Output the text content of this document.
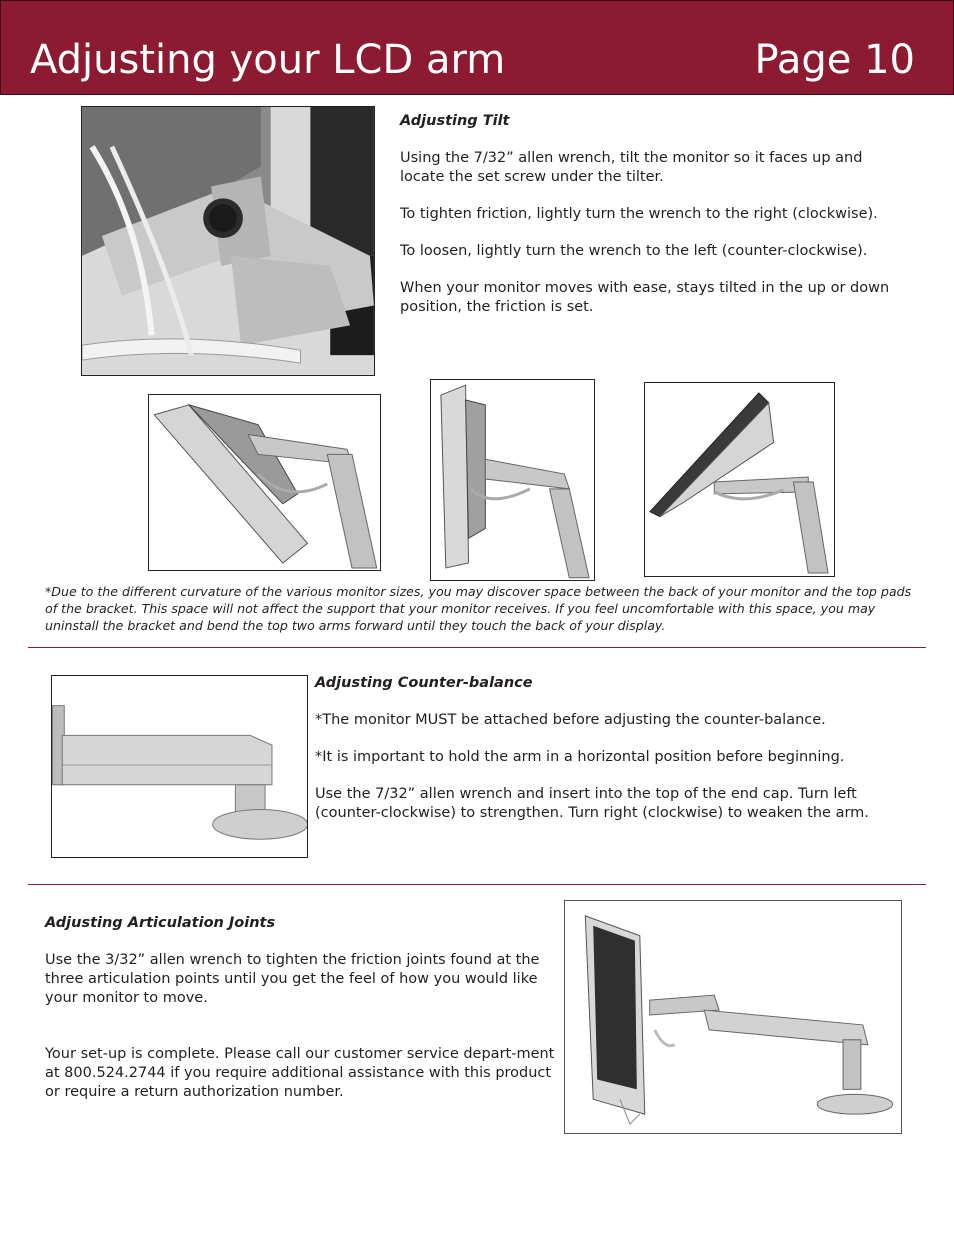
Adjusting your LCD arm	Page 10

Adjusting Tilt

Using the 7/32” allen wrench, tilt the monitor so it faces up and locate the set screw under the tilter.

To tighten friction, lightly turn the wrench to the right (clockwise).

To loosen, lightly turn the wrench to the left (counter-clockwise).

When your monitor moves with ease, stays tilted in the up or down position, the friction is set.

*Due to the different curvature of the various monitor sizes, you may discover space between the back of your monitor and the top pads of the bracket. This space will not affect the support that your monitor receives. If you feel uncomfortable with this space, you may uninstall the bracket and bend the top two arms forward until they touch the back of your display.

Adjusting Counter-balance

*The monitor MUST be attached before adjusting the counter-balance.

*It is important to hold the arm in a horizontal position before beginning.

Use the 7/32” allen wrench and insert into the top of the end cap. Turn left (counter-clockwise) to strengthen. Turn right (clockwise) to weaken the arm.

Adjusting Articulation Joints

Use the 3/32” allen wrench to tighten the friction joints found at the three articulation points until you get the feel of how you would like your monitor to move.

Your set-up is complete. Please call our customer service depart-ment at 800.524.2744 if you require additional assistance with this product or require a return authorization number.
